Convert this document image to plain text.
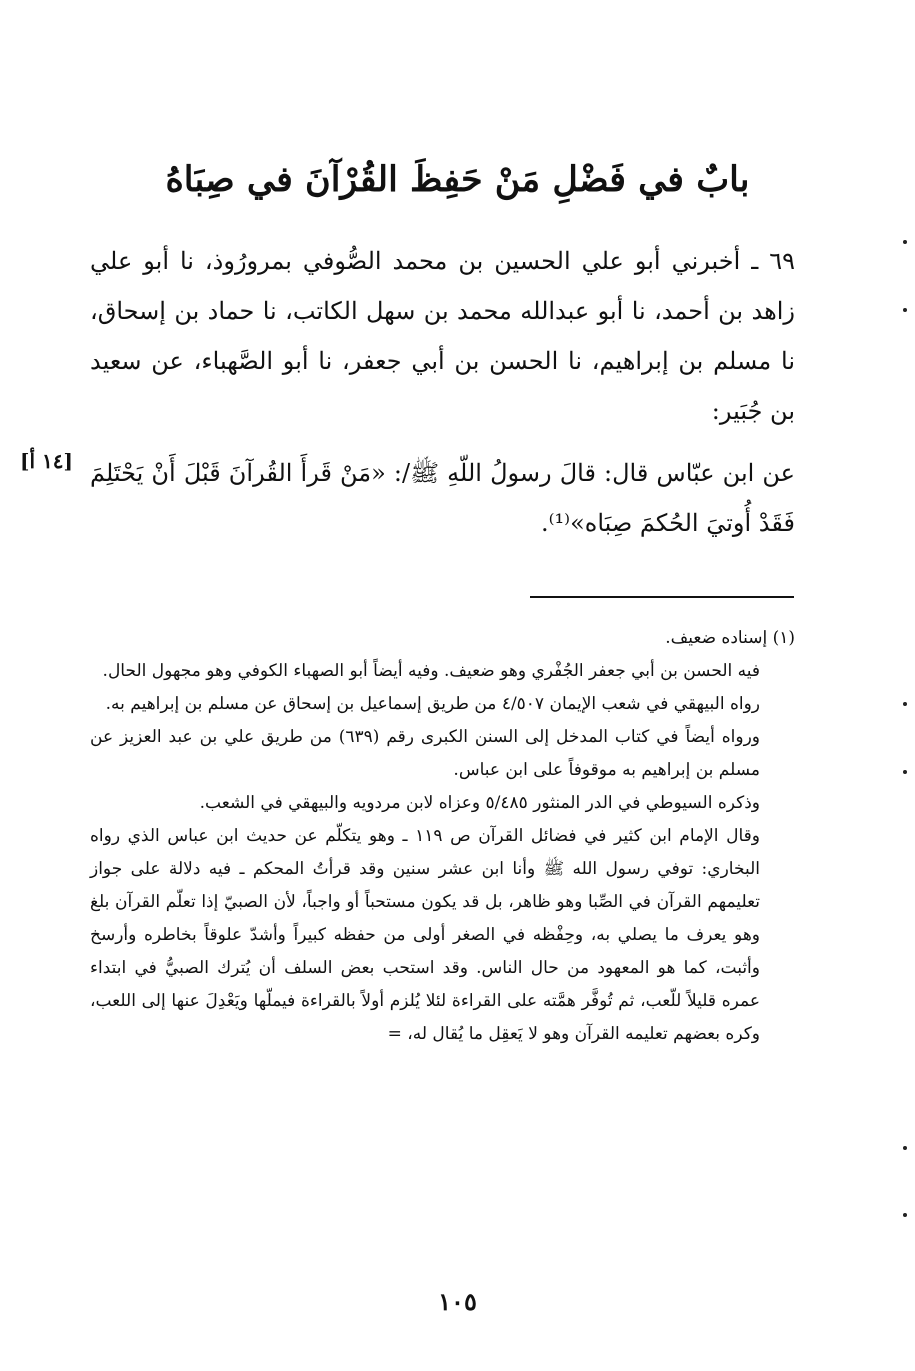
بابٌ في فَضْلِ مَنْ حَفِظَ القُرْآنَ في صِبَاهُ

٦٩ ـ أخبرني أبو علي الحسين بن محمد الصُّوفي بمرورُوذ، نا أبو علي زاهد بن أحمد، نا أبو عبدالله محمد بن سهل الكاتب، نا حماد بن إسحاق، نا مسلم بن إبراهيم، نا الحسن بن أبي جعفر، نا أبو الصَّهباء، عن سعيد بن جُبَير:

عن ابن عبّاس قال: قالَ رسولُ اللّهِ ﷺ/: «مَنْ قَرأَ القُرآنَ قَبْلَ أَنْ يَحْتَلِمَ فَقَدْ أُوتيَ الحُكمَ صِبَاه»⁽¹⁾.

[١٤ أ]

(١) إسناده ضعيف.

فيه الحسن بن أبي جعفر الجُفْري وهو ضعيف. وفيه أيضاً أبو الصهباء الكوفي وهو مجهول الحال.

رواه البيهقي في شعب الإيمان ٤/٥٠٧ من طريق إسماعيل بن إسحاق عن مسلم بن إبراهيم به.

ورواه أيضاً في كتاب المدخل إلى السنن الكبرى رقم (٦٣٩) من طريق علي بن عبد العزيز عن مسلم بن إبراهيم به موقوفاً على ابن عباس.

وذكره السيوطي في الدر المنثور ٥/٤٨٥ وعزاه لابن مردويه والبيهقي في الشعب.

وقال الإمام ابن كثير في فضائل القرآن ص ١١٩ ـ وهو يتكلّم عن حديث ابن عباس الذي رواه البخاري: توفي رسول الله ﷺ وأنا ابن عشر سنين وقد قرأتُ المحكم ـ فيه دلالة على جواز تعليمهم القرآن في الصِّبا وهو ظاهر، بل قد يكون مستحباً أو واجباً، لأن الصبيّ إذا تعلّم القرآن بلغ وهو يعرف ما يصلي به، وحِفْظه في الصغر أولى من حفظه كبيراً وأشدّ علوقاً بخاطره وأرسخ وأثبت، كما هو المعهود من حال الناس. وقد استحب بعض السلف أن يُترك الصبيُّ في ابتداء عمره قليلاً للّعب، ثم تُوفَّر همَّته على القراءة لئلا يُلزم أولاً بالقراءة فيملّها ويَعْدِلَ عنها إلى اللعب، وكره بعضهم تعليمه القرآن وهو لا يَعقِل ما يُقال له، =

١٠٥
